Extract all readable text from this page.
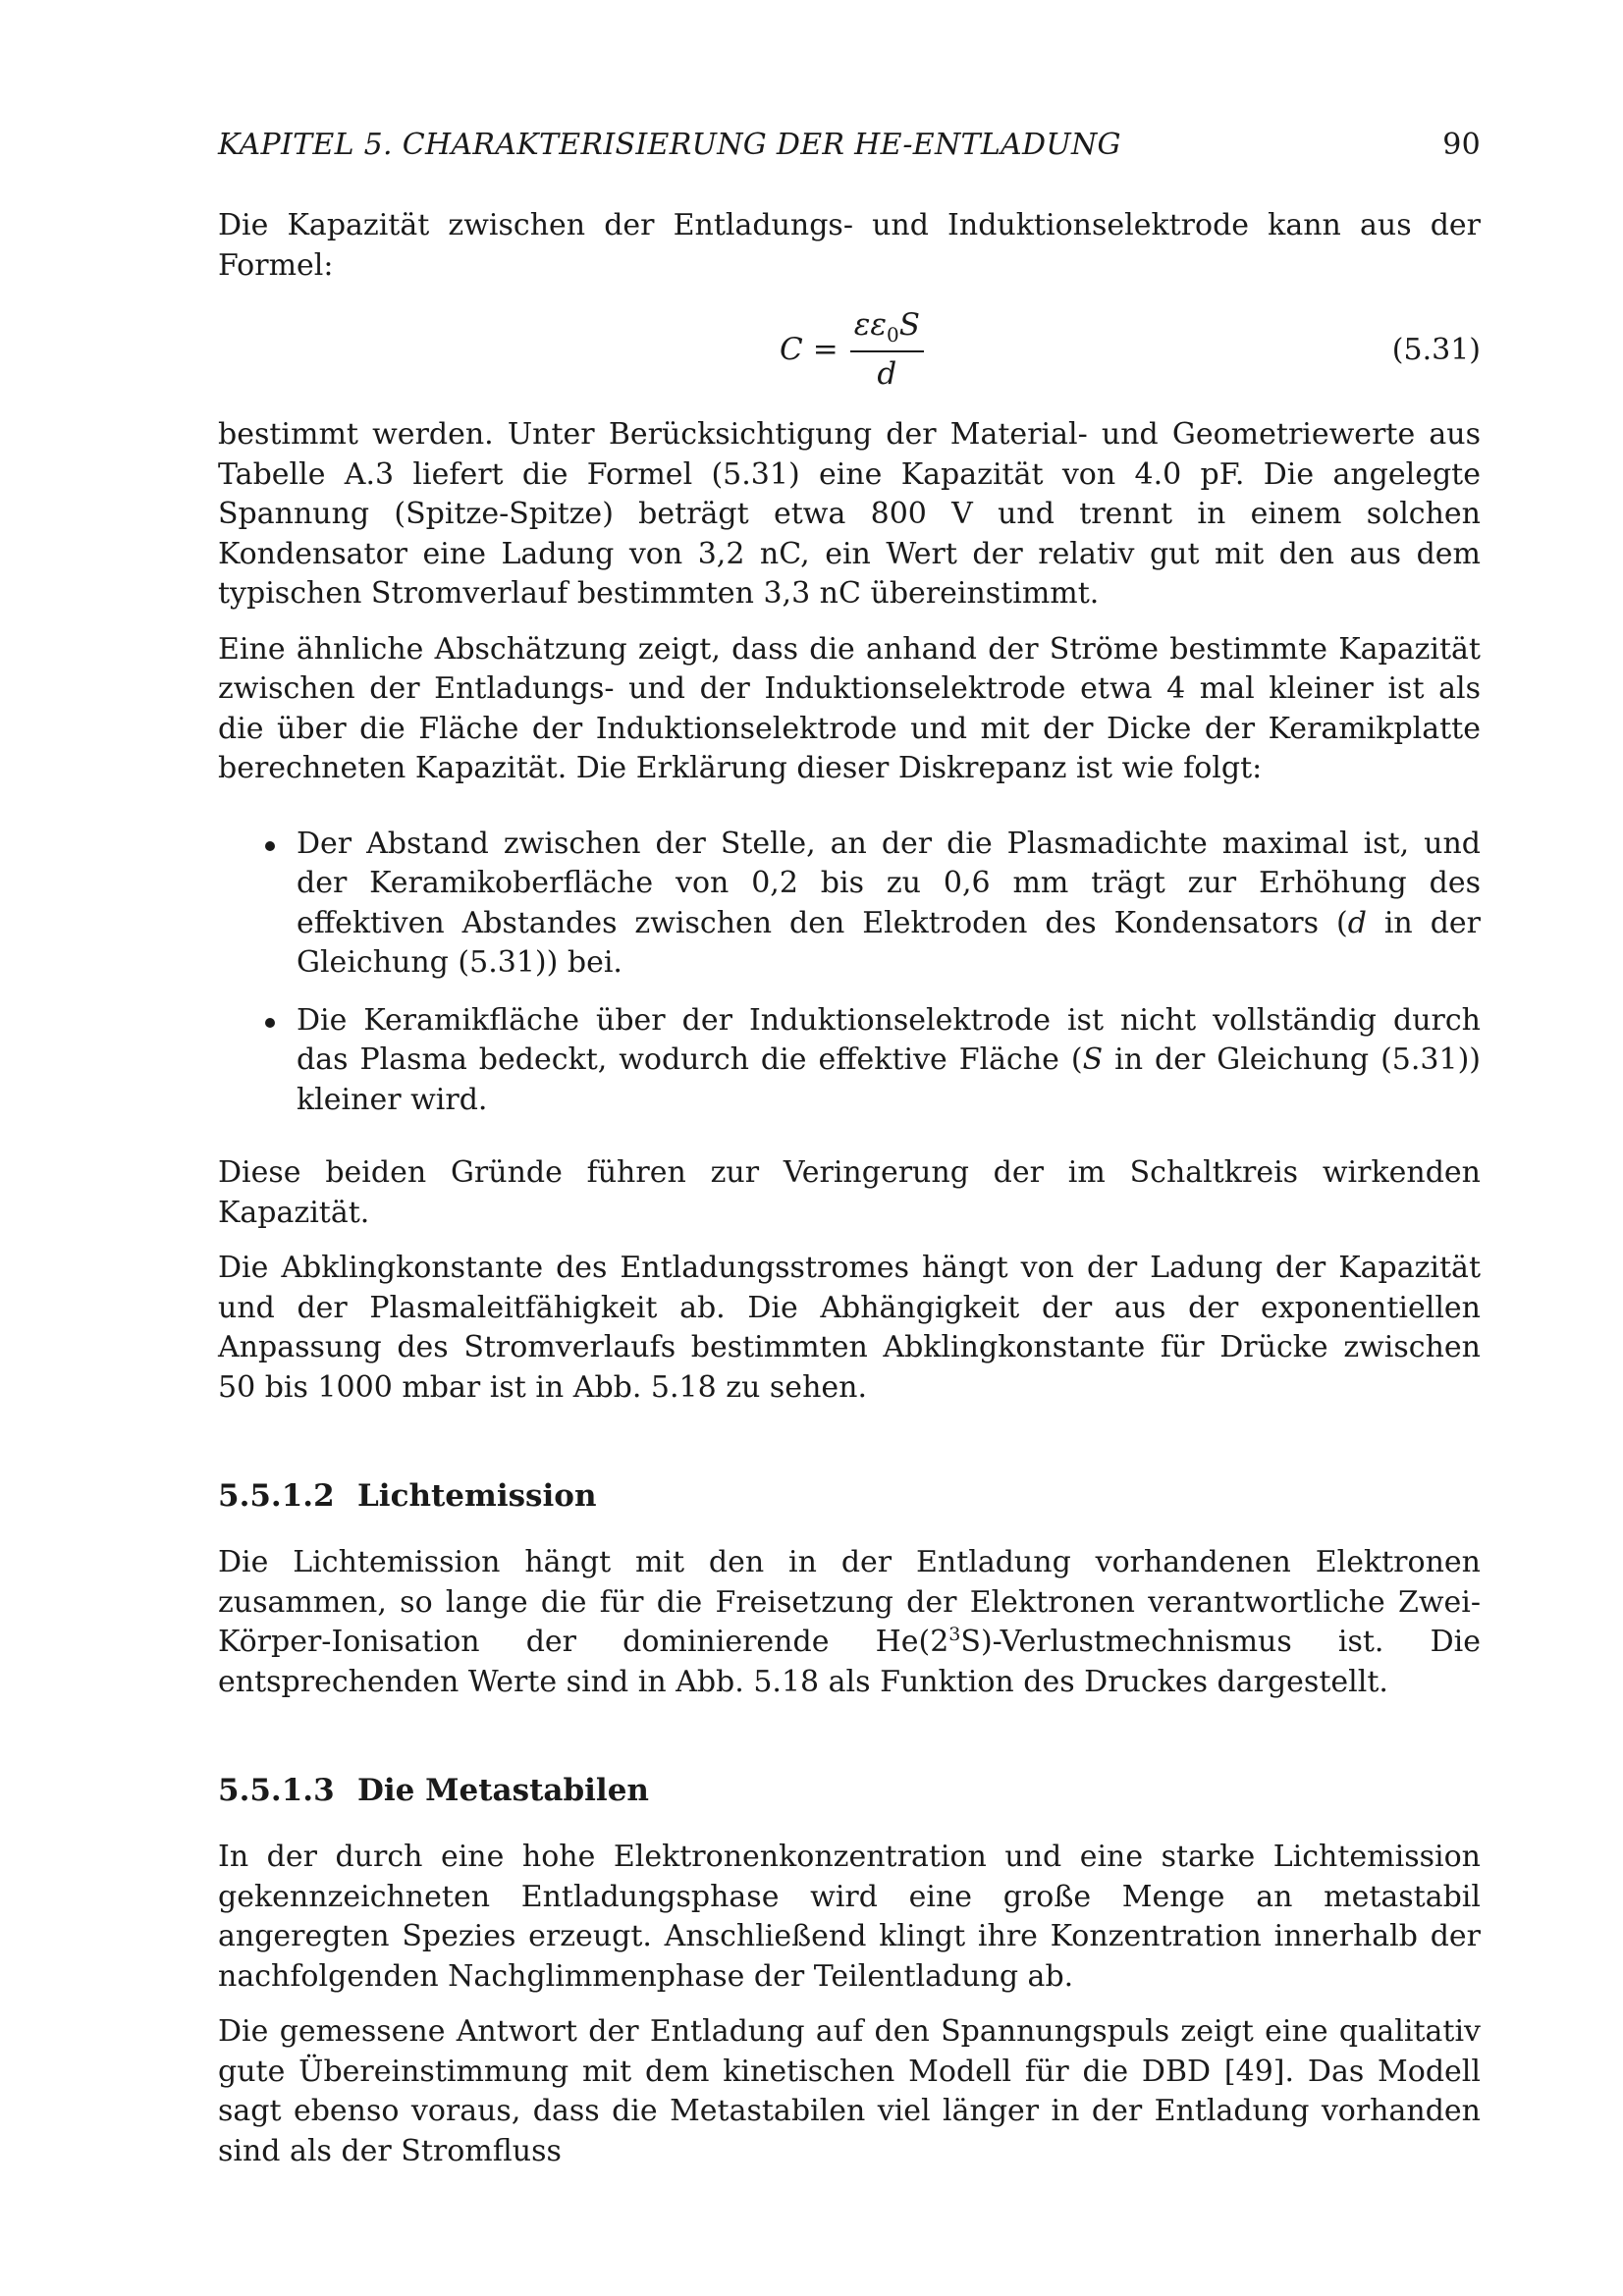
KAPITEL 5. CHARAKTERISIERUNG DER HE-ENTLADUNG	90

Die Kapazität zwischen der Entladungs- und Induktionselektrode kann aus der Formel:

$C = \frac{\varepsilon\varepsilon_0S}{d}$	(5.31)

bestimmt werden. Unter Berücksichtigung der Material- und Geometriewerte aus Tabelle A.3 liefert die Formel (5.31) eine Kapazität von 4.0 pF. Die angelegte Spannung (Spitze-Spitze) beträgt etwa 800 V und trennt in einem solchen Kondensator eine Ladung von 3,2 nC, ein Wert der relativ gut mit den aus dem typischen Stromverlauf bestimmten 3,3 nC übereinstimmt.

Eine ähnliche Abschätzung zeigt, dass die anhand der Ströme bestimmte Kapazität zwischen der Entladungs- und der Induktionselektrode etwa 4 mal kleiner ist als die über die Fläche der Induktionselektrode und mit der Dicke der Keramikplatte berechneten Kapazität. Die Erklärung dieser Diskrepanz ist wie folgt:

Der Abstand zwischen der Stelle, an der die Plasmadichte maximal ist, und der Keramikoberfläche von 0,2 bis zu 0,6 mm trägt zur Erhöhung des effektiven Abstandes zwischen den Elektroden des Kondensators (d in der Gleichung (5.31)) bei.
Die Keramikfläche über der Induktionselektrode ist nicht vollständig durch das Plasma bedeckt, wodurch die effektive Fläche (S in der Gleichung (5.31)) kleiner wird.

Diese beiden Gründe führen zur Veringerung der im Schaltkreis wirkenden Kapazität.

Die Abklingkonstante des Entladungsstromes hängt von der Ladung der Kapazität und der Plasmaleitfähigkeit ab. Die Abhängigkeit der aus der exponentiellen Anpassung des Stromverlaufs bestimmten Abklingkonstante für Drücke zwischen 50 bis 1000 mbar ist in Abb. 5.18 zu sehen.

5.5.1.2 Lichtemission

Die Lichtemission hängt mit den in der Entladung vorhandenen Elektronen zusammen, so lange die für die Freisetzung der Elektronen verantwortliche Zwei-Körper-Ionisation der dominierende $He(2^3S)$-Verlustmechnismus ist. Die entsprechenden Werte sind in Abb. 5.18 als Funktion des Druckes dargestellt.

5.5.1.3 Die Metastabilen

In der durch eine hohe Elektronenkonzentration und eine starke Lichtemission gekennzeichneten Entladungsphase wird eine große Menge an metastabil angeregten Spezies erzeugt. Anschließend klingt ihre Konzentration innerhalb der nachfolgenden Nachglimmenphase der Teilentladung ab.

Die gemessene Antwort der Entladung auf den Spannungspuls zeigt eine qualitativ gute Übereinstimmung mit dem kinetischen Modell für die DBD [49]. Das Modell sagt ebenso voraus, dass die Metastabilen viel länger in der Entladung vorhanden sind als der Stromfluss
